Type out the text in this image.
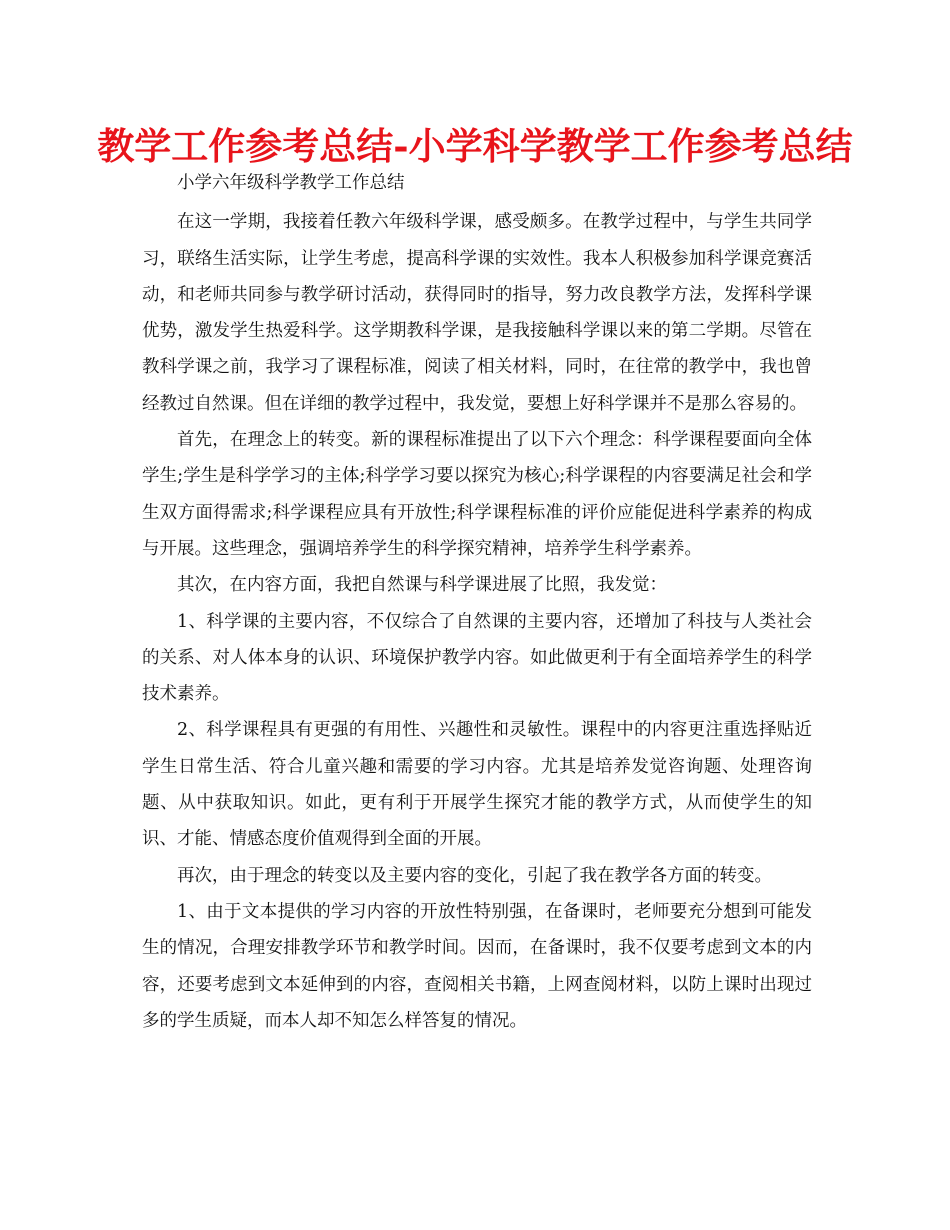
教学工作参考总结-小学科学教学工作参考总结

小学六年级科学教学工作总结

在这一学期，我接着任教六年级科学课，感受颇多。在教学过程中，与学生共同学习，联络生活实际，让学生考虑，提高科学课的实效性。我本人积极参加科学课竞赛活动，和老师共同参与教学研讨活动，获得同时的指导，努力改良教学方法，发挥科学课优势，激发学生热爱科学。这学期教科学课，是我接触科学课以来的第二学期。尽管在教科学课之前，我学习了课程标准，阅读了相关材料，同时，在往常的教学中，我也曾经教过自然课。但在详细的教学过程中，我发觉，要想上好科学课并不是那么容易的。

首先，在理念上的转变。新的课程标准提出了以下六个理念：科学课程要面向全体学生;学生是科学学习的主体;科学学习要以探究为核心;科学课程的内容要满足社会和学生双方面得需求;科学课程应具有开放性;科学课程标准的评价应能促进科学素养的构成与开展。这些理念，强调培养学生的科学探究精神，培养学生科学素养。

其次，在内容方面，我把自然课与科学课进展了比照，我发觉：

1、科学课的主要内容，不仅综合了自然课的主要内容，还增加了科技与人类社会的关系、对人体本身的认识、环境保护教学内容。如此做更利于有全面培养学生的科学技术素养。

2、科学课程具有更强的有用性、兴趣性和灵敏性。课程中的内容更注重选择贴近学生日常生活、符合儿童兴趣和需要的学习内容。尤其是培养发觉咨询题、处理咨询题、从中获取知识。如此，更有利于开展学生探究才能的教学方式，从而使学生的知识、才能、情感态度价值观得到全面的开展。

再次，由于理念的转变以及主要内容的变化，引起了我在教学各方面的转变。

1、由于文本提供的学习内容的开放性特别强，在备课时，老师要充分想到可能发生的情况，合理安排教学环节和教学时间。因而，在备课时，我不仅要考虑到文本的内容，还要考虑到文本延伸到的内容，查阅相关书籍，上网查阅材料，以防上课时出现过多的学生质疑，而本人却不知怎么样答复的情况。
